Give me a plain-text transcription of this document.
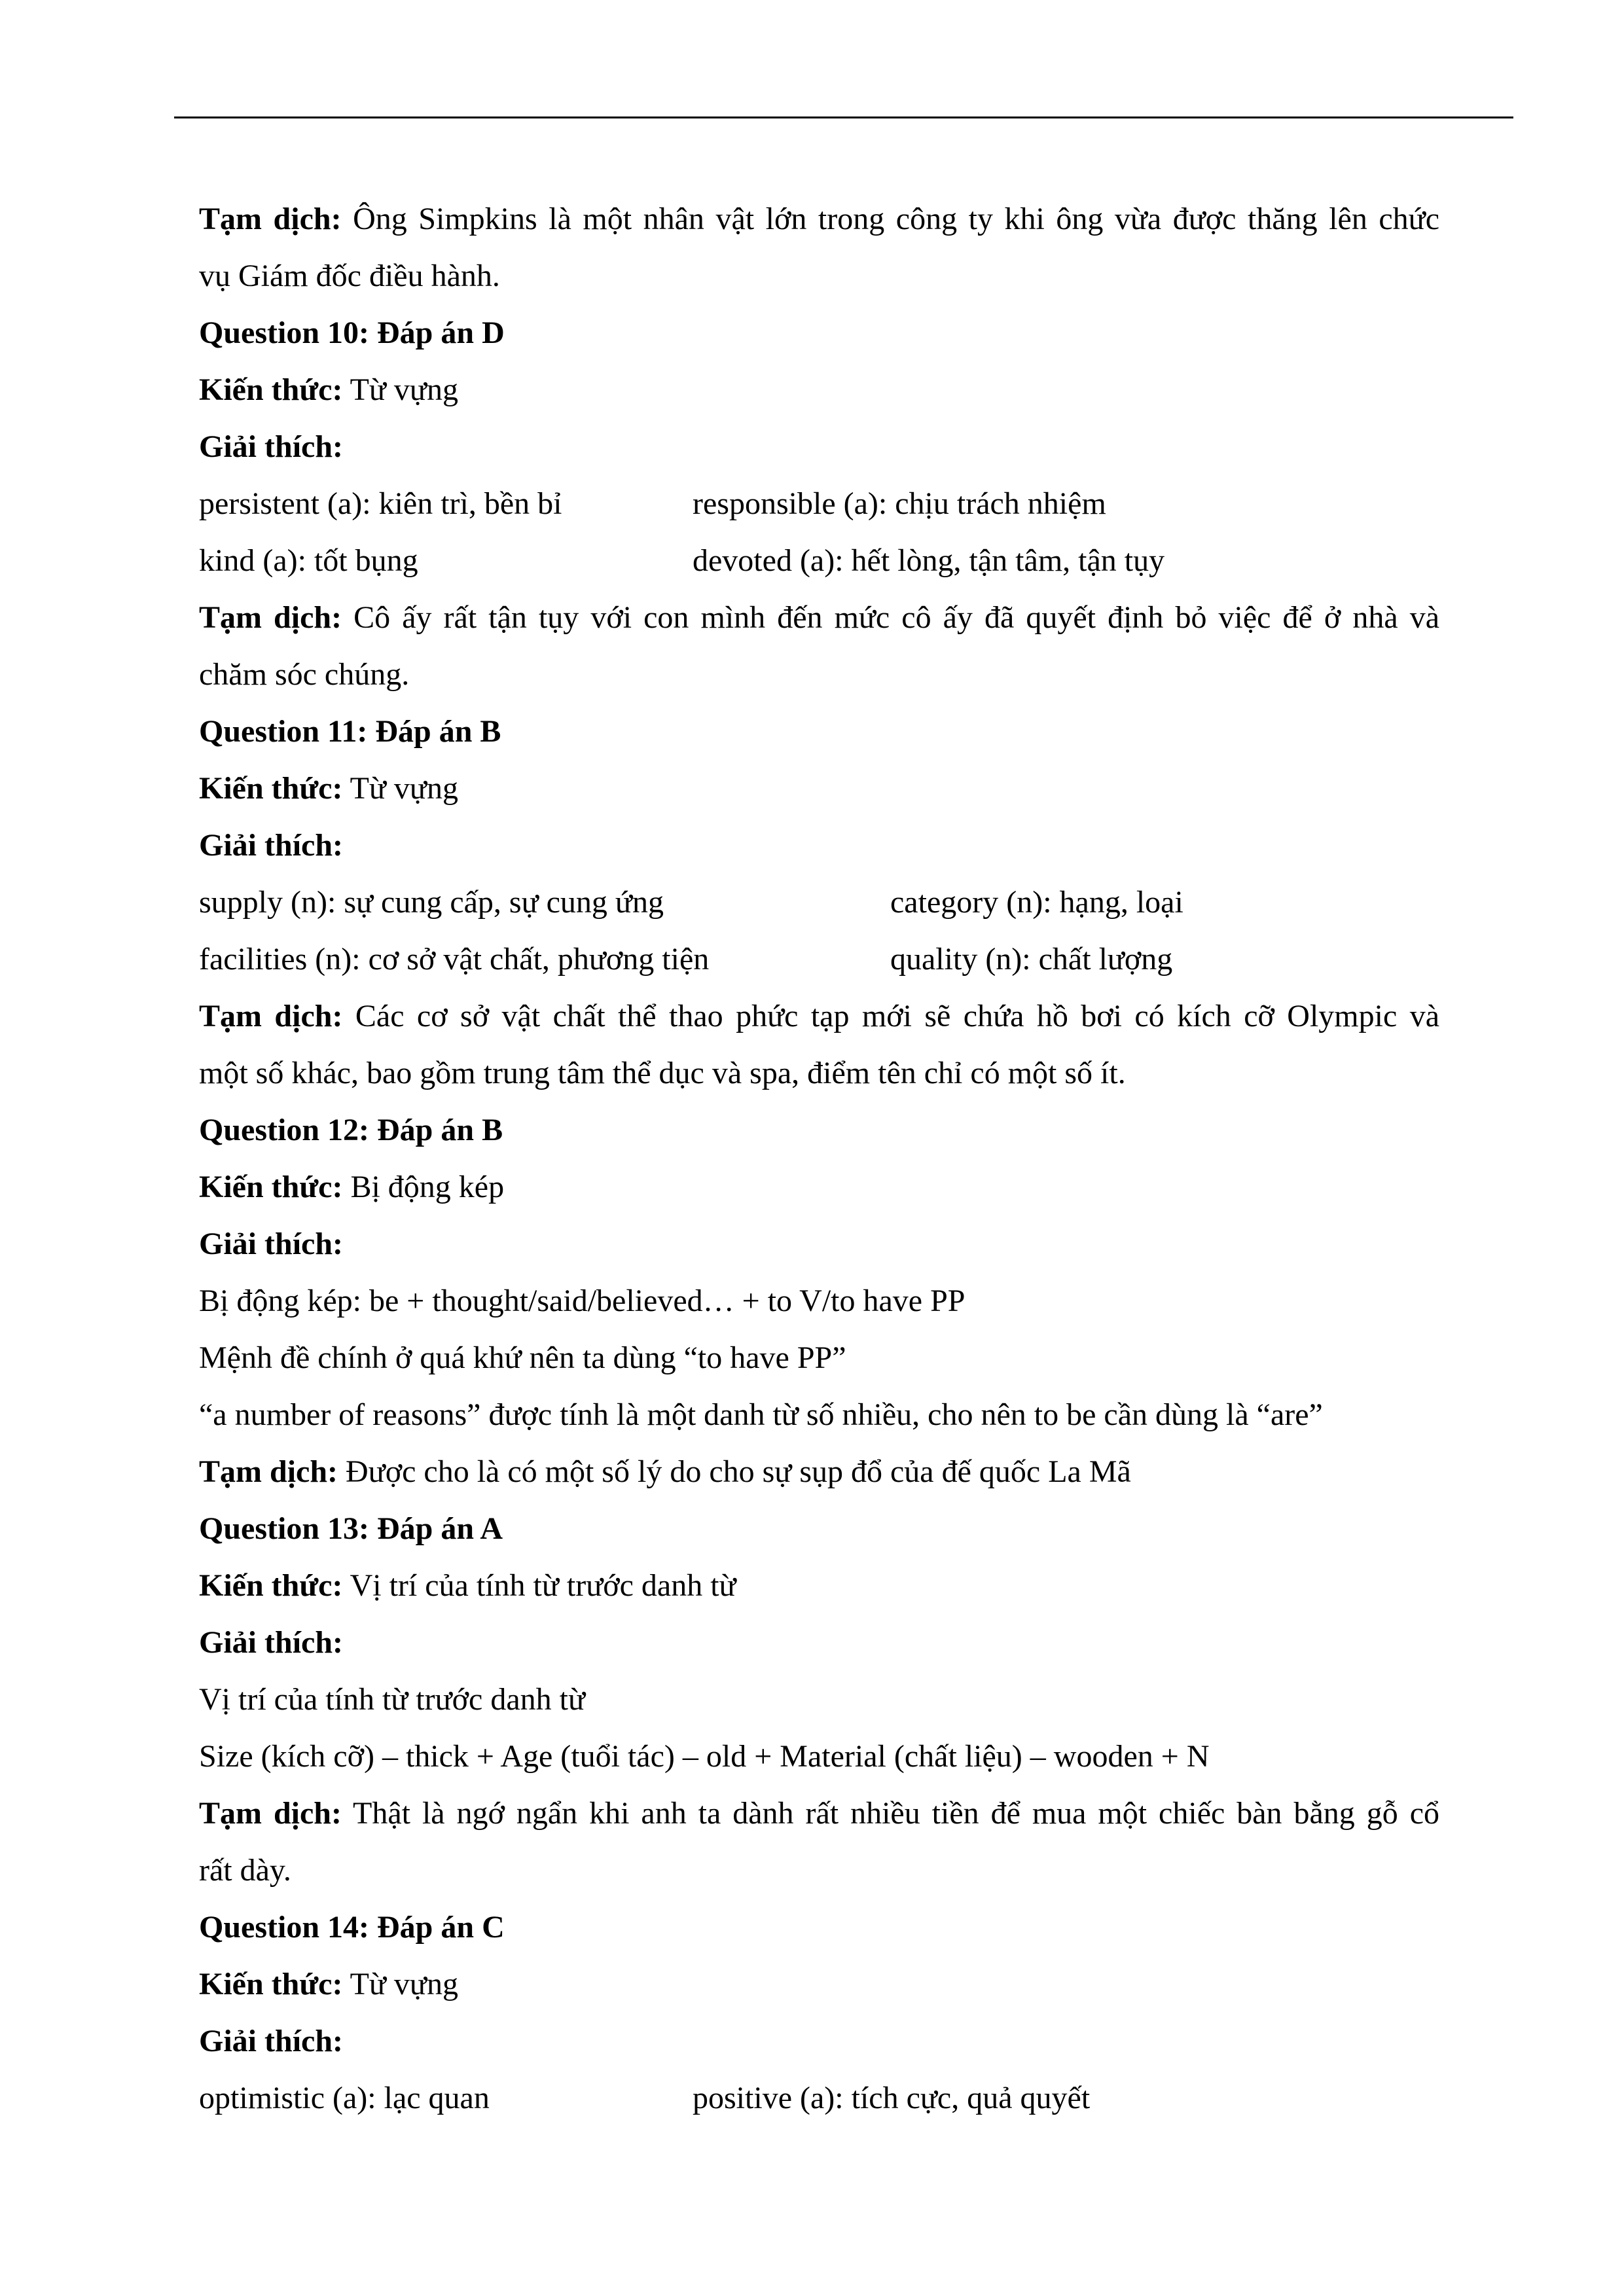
Tạm dịch: Ông Simpkins là một nhân vật lớn trong công ty khi ông vừa được thăng lên chức
vụ Giám đốc điều hành.
Question 10: Đáp án D
Kiến thức: Từ vựng
Giải thích:
persistent (a): kiên trì, bền bỉ	responsible (a): chịu trách nhiệm
kind (a): tốt bụng	devoted (a): hết lòng, tận tâm, tận tụy
Tạm dịch: Cô ấy rất tận tụy với con mình đến mức cô ấy đã quyết định bỏ việc để ở nhà và
chăm sóc chúng.
Question 11: Đáp án B
Kiến thức: Từ vựng
Giải thích:
supply (n): sự cung cấp, sự cung ứng	category (n): hạng, loại
facilities (n): cơ sở vật chất, phương tiện	quality (n): chất lượng
Tạm dịch: Các cơ sở vật chất thể thao phức tạp mới sẽ chứa hồ bơi có kích cỡ Olympic và
một số khác, bao gồm trung tâm thể dục và spa, điểm tên chỉ có một số ít.
Question 12: Đáp án B
Kiến thức: Bị động kép
Giải thích:
Bị động kép: be + thought/said/believed… + to V/to have PP
Mệnh đề chính ở quá khứ nên ta dùng “to have PP”
“a number of reasons” được tính là một danh từ số nhiều, cho nên to be cần dùng là “are”
Tạm dịch: Được cho là có một số lý do cho sự sụp đổ của đế quốc La Mã
Question 13: Đáp án A
Kiến thức: Vị trí của tính từ trước danh từ
Giải thích:
Vị trí của tính từ trước danh từ
Size (kích cỡ) – thick + Age (tuổi tác) – old + Material (chất liệu) – wooden + N
Tạm dịch: Thật là ngớ ngẩn khi anh ta dành rất nhiều tiền để mua một chiếc bàn bằng gỗ cổ
rất dày.
Question 14: Đáp án C
Kiến thức: Từ vựng
Giải thích:
optimistic (a): lạc quan	positive (a): tích cực, quả quyết
